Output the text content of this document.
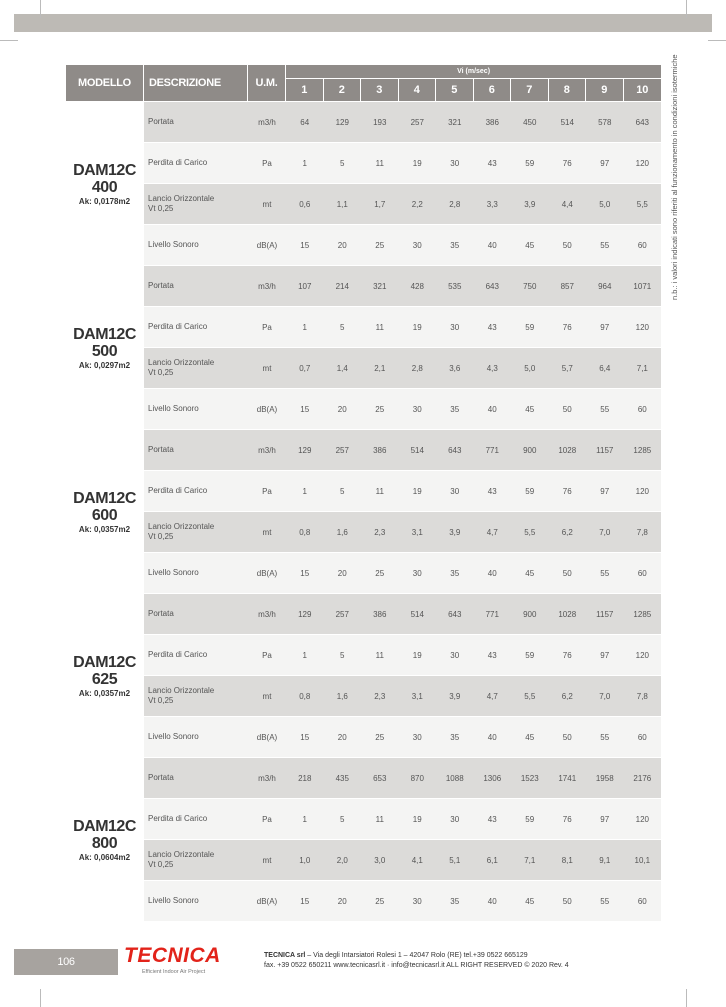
n.b.: i valori indicati sono riferiti al funzionamento in condizioni isotermiche
MODELLO	DESCRIZIONE	U.M.	Vi (m/sec)									
			1	2	3	4	5	6	7	8	9	10

DAM12C
400
Ak: 0,0178m2	Portata	m3/h	64	129	193	257	321	386	450	514	578	643
	Perdita di Carico	Pa	1	5	11	19	30	43	59	76	97	120
	Lancio Orizzontale
Vt 0,25	mt	0,6	1,1	1,7	2,2	2,8	3,3	3,9	4,4	5,0	5,5
	Livello Sonoro	dB(A)	15	20	25	30	35	40	45	50	55	60

DAM12C
500
Ak: 0,0297m2	Portata	m3/h	107	214	321	428	535	643	750	857	964	1071
	Perdita di Carico	Pa	1	5	11	19	30	43	59	76	97	120
	Lancio Orizzontale
Vt 0,25	mt	0,7	1,4	2,1	2,8	3,6	4,3	5,0	5,7	6,4	7,1
	Livello Sonoro	dB(A)	15	20	25	30	35	40	45	50	55	60

DAM12C
600
Ak: 0,0357m2	Portata	m3/h	129	257	386	514	643	771	900	1028	1157	1285
	Perdita di Carico	Pa	1	5	11	19	30	43	59	76	97	120
	Lancio Orizzontale
Vt 0,25	mt	0,8	1,6	2,3	3,1	3,9	4,7	5,5	6,2	7,0	7,8
	Livello Sonoro	dB(A)	15	20	25	30	35	40	45	50	55	60

DAM12C
625
Ak: 0,0357m2	Portata	m3/h	129	257	386	514	643	771	900	1028	1157	1285
	Perdita di Carico	Pa	1	5	11	19	30	43	59	76	97	120
	Lancio Orizzontale
Vt 0,25	mt	0,8	1,6	2,3	3,1	3,9	4,7	5,5	6,2	7,0	7,8
	Livello Sonoro	dB(A)	15	20	25	30	35	40	45	50	55	60

DAM12C
800
Ak: 0,0604m2	Portata	m3/h	218	435	653	870	1088	1306	1523	1741	1958	2176
	Perdita di Carico	Pa	1	5	11	19	30	43	59	76	97	120
	Lancio Orizzontale
Vt 0,25	mt	1,0	2,0	3,0	4,1	5,1	6,1	7,1	8,1	9,1	10,1
	Livello Sonoro	dB(A)	15	20	25	30	35	40	45	50	55	60
106	TECNICA
Efficient Indoor Air Project
TECNICA srl – Via degli Intarsiatori Rolesi 1 – 42047 Rolo (RE) tel.+39 0522 665129
fax. +39 0522 650211 www.tecnicasrl.it · info@tecnicasrl.it ALL RIGHT RESERVED © 2020 Rev. 4
